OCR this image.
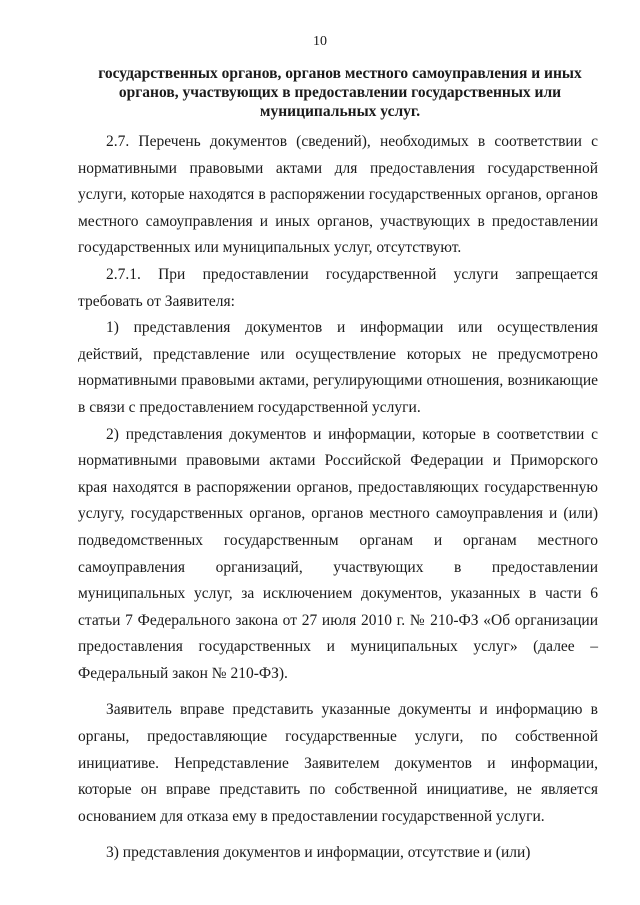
10
государственных органов, органов местного самоуправления и иных органов, участвующих в предоставлении государственных или муниципальных услуг.

2.7. Перечень документов (сведений), необходимых в соответствии с нормативными правовыми актами для предоставления государственной услуги, которые находятся в распоряжении государственных органов, органов местного самоуправления и иных органов, участвующих в предоставлении государственных или муниципальных услуг, отсутствуют.

2.7.1. При предоставлении государственной услуги запрещается требовать от Заявителя:

1) представления документов и информации или осуществления действий, представление или осуществление которых не предусмотрено нормативными правовыми актами, регулирующими отношения, возникающие в связи с предоставлением государственной услуги.

2) представления документов и информации, которые в соответствии с нормативными правовыми актами Российской Федерации и Приморского края находятся в распоряжении органов, предоставляющих государственную услугу, государственных органов, органов местного самоуправления и (или) подведомственных государственным органам и органам местного самоуправления организаций, участвующих в предоставлении муниципальных услуг, за исключением документов, указанных в части 6 статьи 7 Федерального закона от 27 июля 2010 г. № 210-ФЗ «Об организации предоставления государственных и муниципальных услуг» (далее – Федеральный закон № 210-ФЗ).

Заявитель вправе представить указанные документы и информацию в органы, предоставляющие государственные услуги, по собственной инициативе. Непредставление Заявителем документов и информации, которые он вправе представить по собственной инициативе, не является основанием для отказа ему в предоставлении государственной услуги.

3) представления документов и информации, отсутствие и (или)
